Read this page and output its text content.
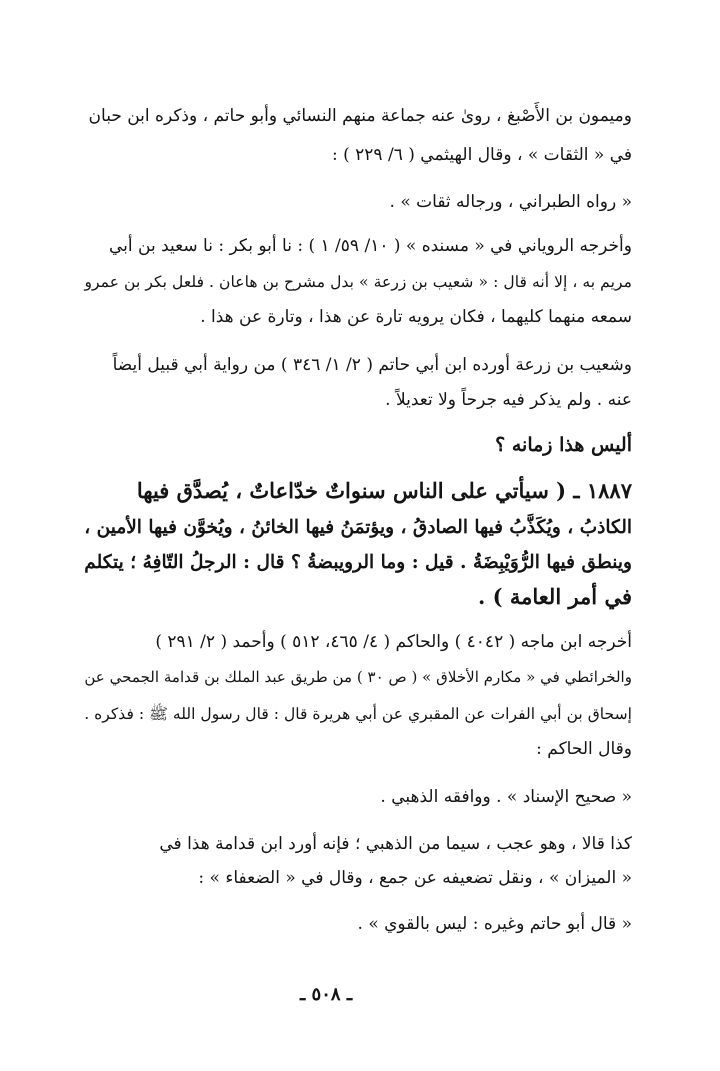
وميمون بن الأَصْبغ ، روىٰ عنه جماعة منهم النسائي وأبو حاتم ، وذكره ابن حبان
في « الثقات » ، وقال الهيثمي ( ٦/ ٢٢٩ ) :
« رواه الطبراني ، ورجاله ثقات » .
وأخرجه الروياني في « مسنده » ( ١٠/ ٥٩/ ١ ) : نا أبو بكر : نا سعيد بن أبي
مريم به ، إلا أنه قال : « شعيب بن زرعة » بدل مشرح بن هاعان . فلعل بكر بن عمرو
سمعه منهما كليهما ، فكان يرويه تارة عن هذا ، وتارة عن هذا .
وشعيب بن زرعة أورده ابن أبي حاتم ( ٢/ ١/ ٣٤٦ ) من رواية أبي قبيل أيضاً
عنه . ولم يذكر فيه جرحاً ولا تعديلاً .
أليس هذا زمانه ؟
١٨٨٧ ـ ( سيأتي على الناس سنواتٌ خدّاعاتٌ ، يُصدَّق فيها
الكاذبُ ، ويُكَذَّبُ فيها الصادقُ ، ويؤتمَنُ فيها الخائنُ ، ويُخوَّن فيها الأمين ،
وينطق فيها الرُّوَيْبِضَةُ . قيل : وما الرويبضةُ ؟ قال : الرجلُ التّافِهُ ؛ يتكلم
في أمر العامة ) .
أخرجه ابن ماجه ( ٤٠٤٢ ) والحاكم ( ٤/ ٤٦٥، ٥١٢ ) وأحمد ( ٢/ ٢٩١ )
والخرائطي في « مكارم الأخلاق » ( ص ٣٠ ) من طريق عبد الملك بن قدامة الجمحي عن
إسحاق بن أبي الفرات عن المقبري عن أبي هريرة قال : قال رسول الله ﷺ : فذكره .
وقال الحاكم :
« صحيح الإسناد » . ووافقه الذهبي .
كذا قالا ، وهو عجب ، سيما من الذهبي ؛ فإنه أورد ابن قدامة هذا في
« الميزان » ، ونقل تضعيفه عن جمع ، وقال في « الضعفاء » :
« قال أبو حاتم وغيره : ليس بالقوي » .
ـ ٥٠٨ ـ
